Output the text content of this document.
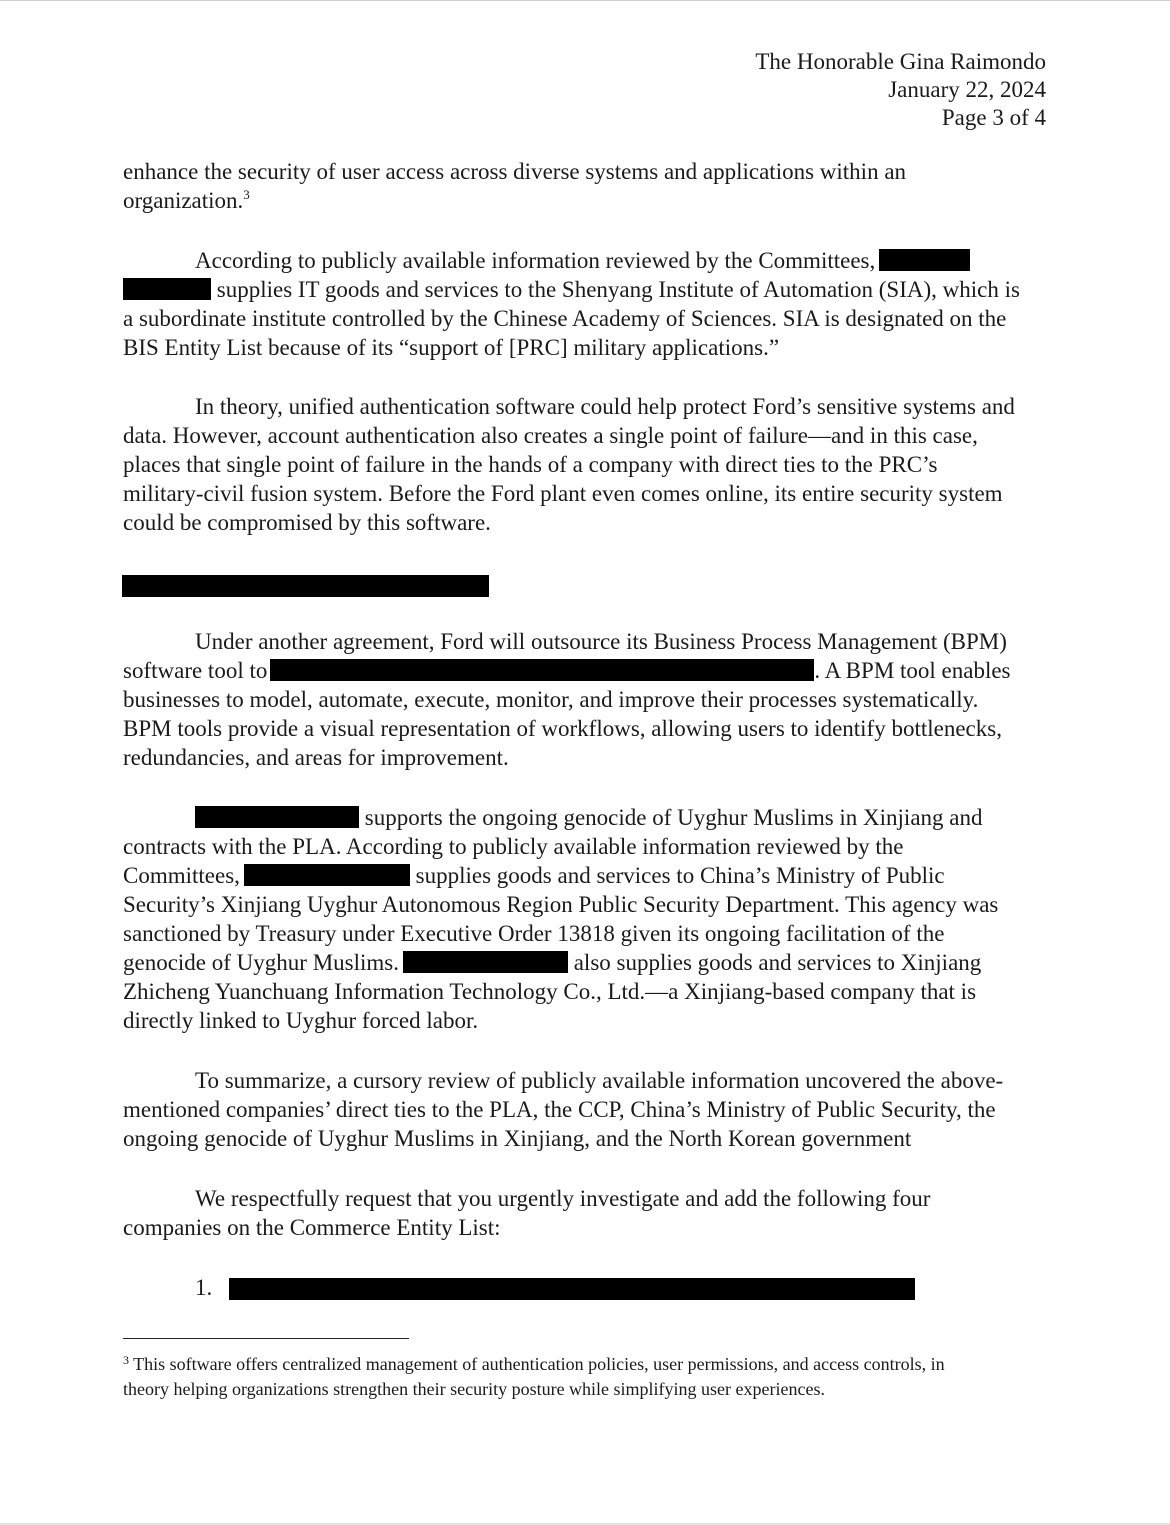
The Honorable Gina Raimondo
January 22, 2024
Page 3 of 4
enhance the security of user access across diverse systems and applications within an
organization.$^3$
According to publicly available information reviewed by the Committees,
supplies IT goods and services to the Shenyang Institute of Automation (SIA), which is
a subordinate institute controlled by the Chinese Academy of Sciences. SIA is designated on the
BIS Entity List because of its “support of [PRC] military applications.”
In theory, unified authentication software could help protect Ford’s sensitive systems and
data. However, account authentication also creates a single point of failure—and in this case,
places that single point of failure in the hands of a company with direct ties to the PRC’s
military-civil fusion system. Before the Ford plant even comes online, its entire security system
could be compromised by this software.
Under another agreement, Ford will outsource its Business Process Management (BPM)
software tool to	. A BPM tool enables
businesses to model, automate, execute, monitor, and improve their processes systematically.
BPM tools provide a visual representation of workflows, allowing users to identify bottlenecks,
redundancies, and areas for improvement.
supports the ongoing genocide of Uyghur Muslims in Xinjiang and
contracts with the PLA. According to publicly available information reviewed by the
Committees,	supplies goods and services to China’s Ministry of Public
Security’s Xinjiang Uyghur Autonomous Region Public Security Department. This agency was
sanctioned by Treasury under Executive Order 13818 given its ongoing facilitation of the
genocide of Uyghur Muslims.	also supplies goods and services to Xinjiang
Zhicheng Yuanchuang Information Technology Co., Ltd.—a Xinjiang-based company that is
directly linked to Uyghur forced labor.
To summarize, a cursory review of publicly available information uncovered the above-
mentioned companies’ direct ties to the PLA, the CCP, China’s Ministry of Public Security, the
ongoing genocide of Uyghur Muslims in Xinjiang, and the North Korean government
We respectfully request that you urgently investigate and add the following four
companies on the Commerce Entity List:
1.
$^3$ This software offers centralized management of authentication policies, user permissions, and access controls, in
theory helping organizations strengthen their security posture while simplifying user experiences.
